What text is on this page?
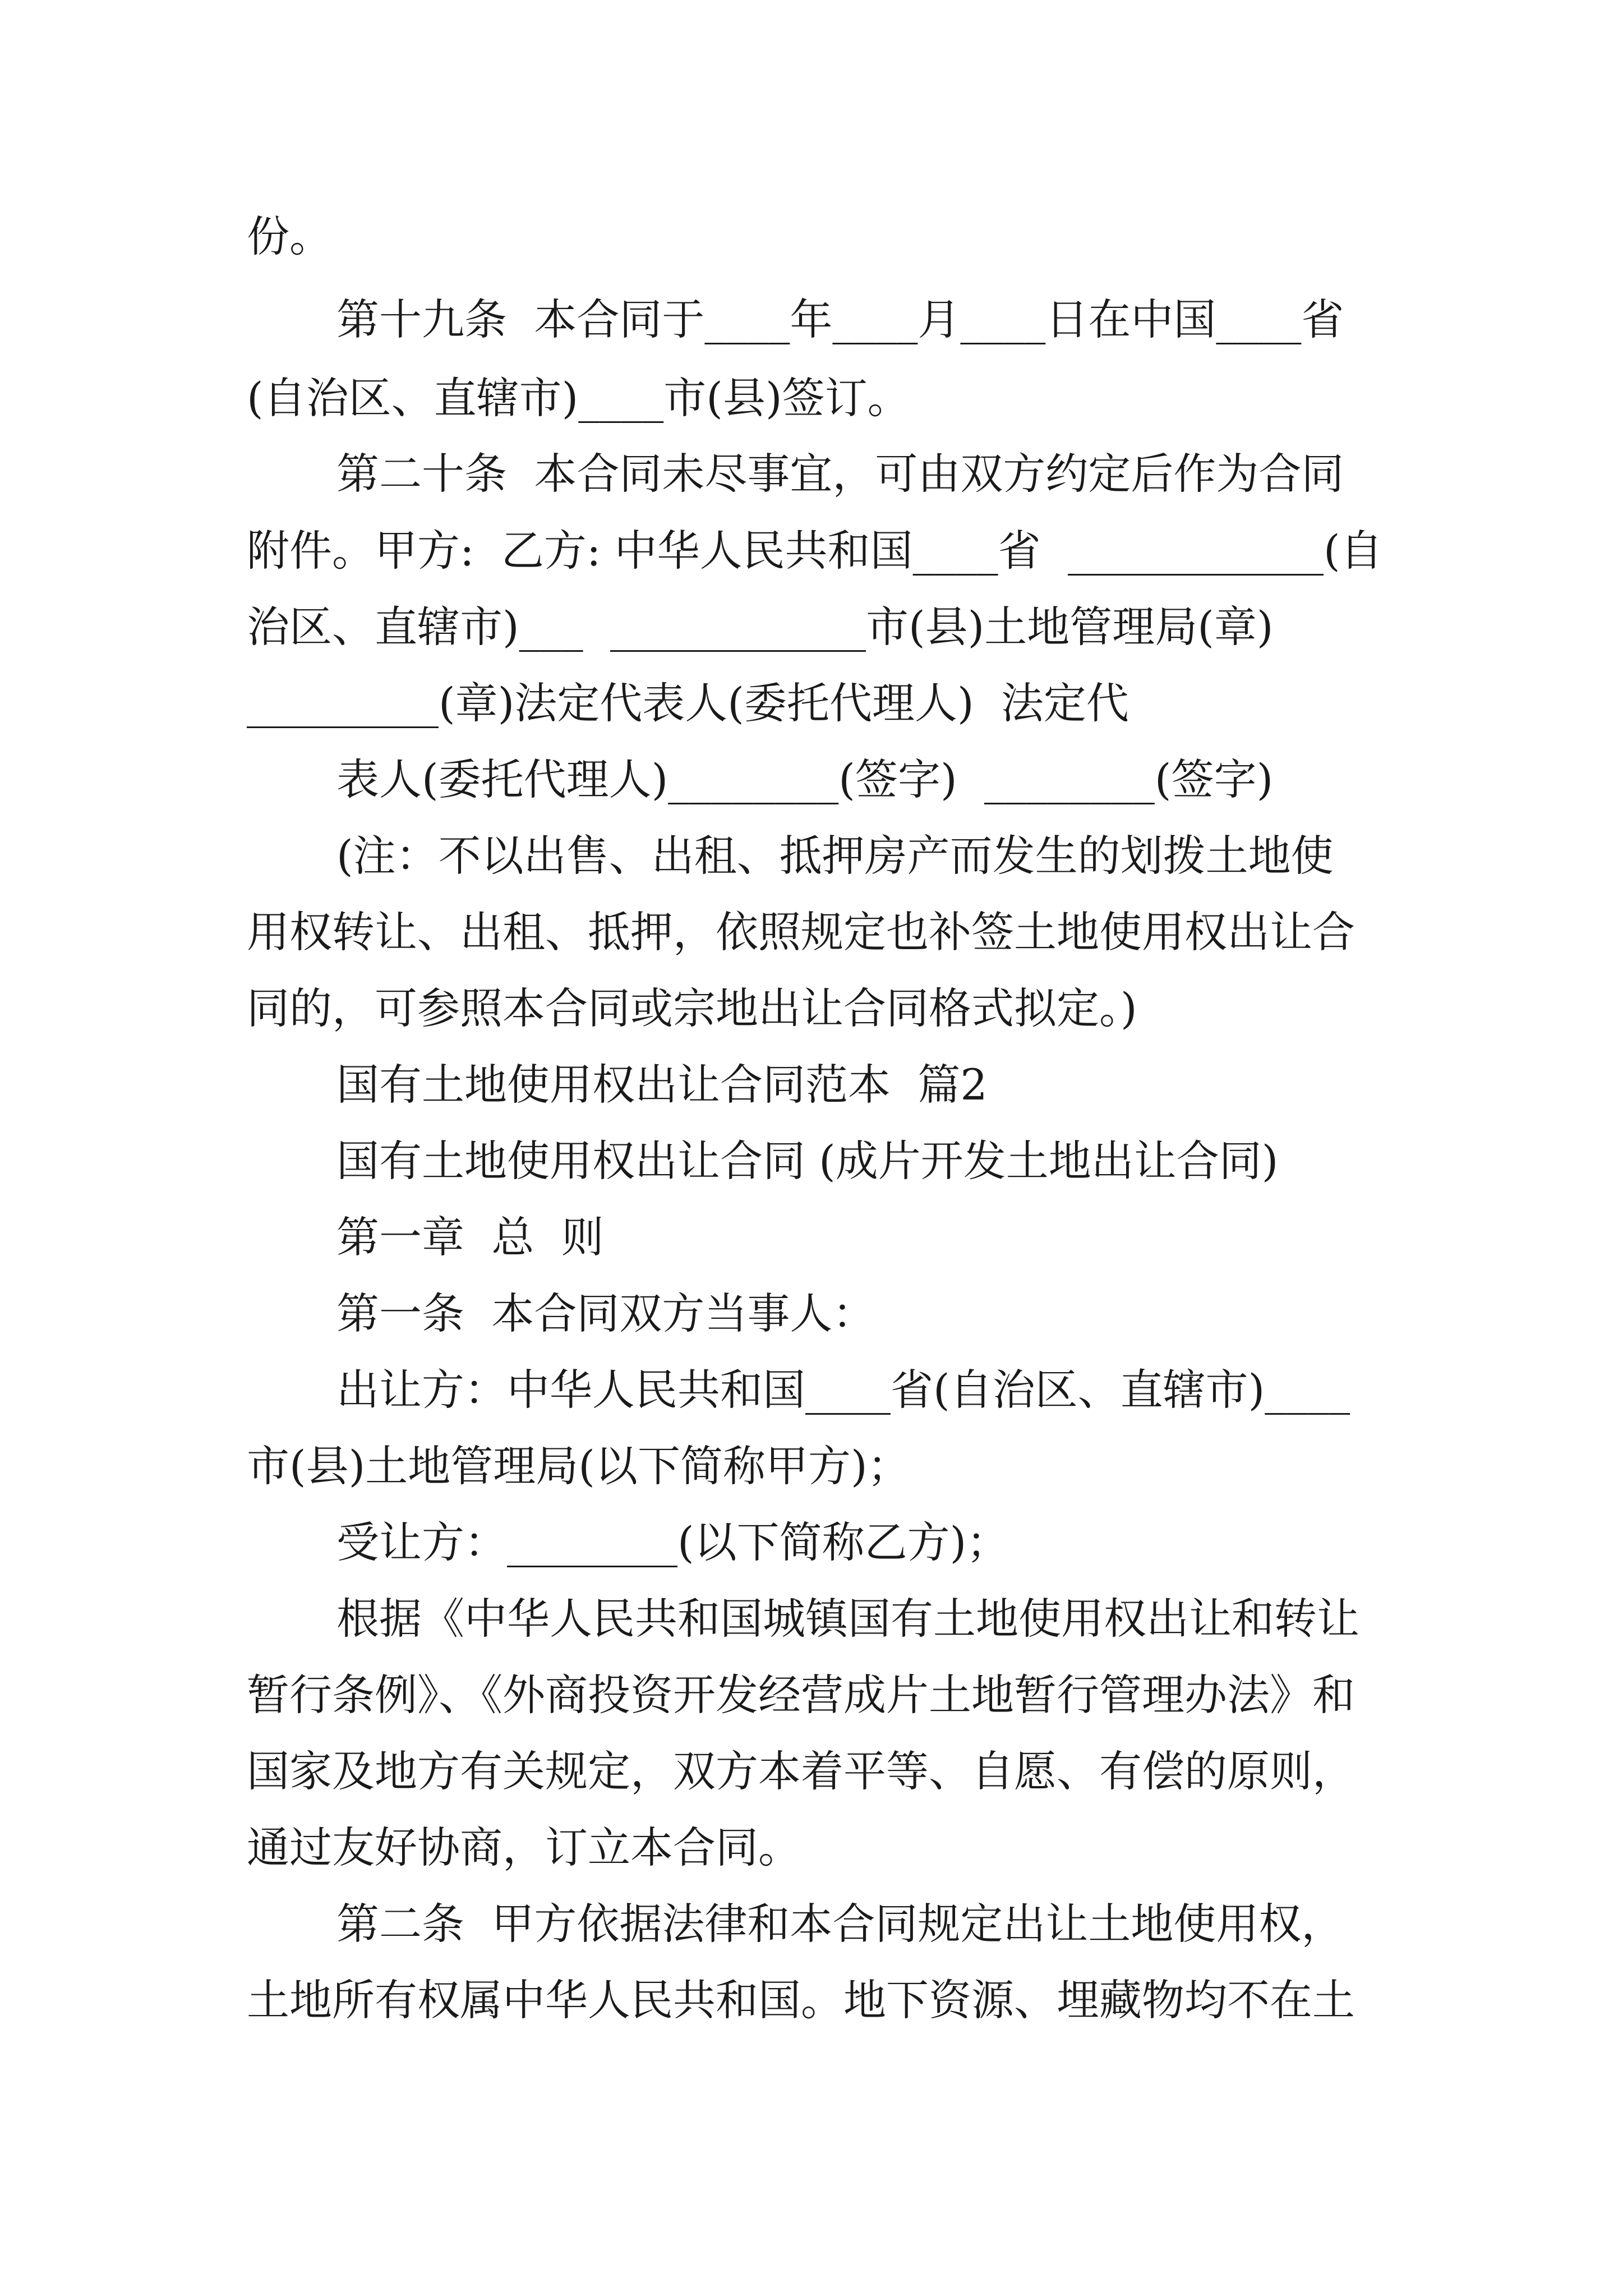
份。
第十九条  本合同于____年____月____日在中国____省
(自治区、直辖市)____市(县)签订。
第二十条  本合同未尽事宜，可由双方约定后作为合同
附件。甲方:  乙方: 中华人民共和国____省  ____________(自
治区、直辖市)___  ____________市(县)土地管理局(章)
_________(章)法定代表人(委托代理人)  法定代
表人(委托代理人)________(签字)  ________(签字)
(注：不以出售、出租、抵押房产而发生的划拨土地使
用权转让、出租、抵押，依照规定也补签土地使用权出让合
同的，可参照本合同或宗地出让合同格式拟定。)
国有土地使用权出让合同范本  篇2
国有土地使用权出让合同 (成片开发土地出让合同)
第一章  总  则
第一条  本合同双方当事人：
出让方：中华人民共和国____省(自治区、直辖市)____
市(县)土地管理局(以下简称甲方)；
受让方：________(以下简称乙方)；
根据《中华人民共和国城镇国有土地使用权出让和转让
暂行条例》、《外商投资开发经营成片土地暂行管理办法》和
国家及地方有关规定，双方本着平等、自愿、有偿的原则，
通过友好协商，订立本合同。
第二条  甲方依据法律和本合同规定出让土地使用权，
土地所有权属中华人民共和国。地下资源、埋藏物均不在土
